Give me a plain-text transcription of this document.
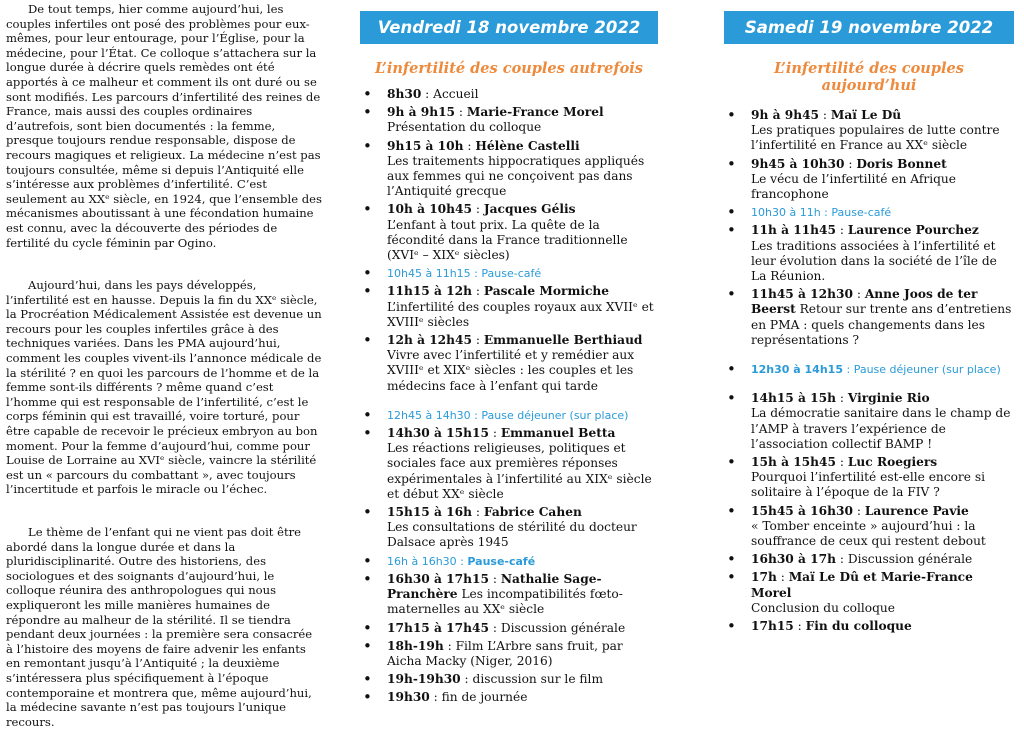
De tout temps, hier comme aujourd’hui, les couples infertiles ont posé des problèmes pour eux-mêmes, pour leur entourage, pour l’Église, pour la médecine, pour l’État. Ce colloque s’attachera sur la longue durée à décrire quels remèdes ont été apportés à ce malheur et comment ils ont duré ou se sont modifiés. Les parcours d’infertilité des reines de France, mais aussi des couples ordinaires d’autrefois, sont bien documentés : la femme, presque toujours rendue responsable, dispose de recours magiques et religieux. La médecine n’est pas toujours consultée, même si depuis l’Antiquité elle s’intéresse aux problèmes d’infertilité. C’est seulement au XXᵉ siècle, en 1924, que l’ensemble des mécanismes aboutissant à une fécondation humaine est connu, avec la découverte des périodes de fertilité du cycle féminin par Ogino.

Aujourd’hui, dans les pays développés, l’infertilité est en hausse. Depuis la fin du XXᵉ siècle, la Procréation Médicalement Assistée est devenue un recours pour les couples infertiles grâce à des techniques variées. Dans les PMA aujourd’hui, comment les couples vivent-ils l’annonce médicale de la stérilité ? en quoi les parcours de l’homme et de la femme sont-ils différents ? même quand c’est l’homme qui est responsable de l’infertilité, c’est le corps féminin qui est travaillé, voire torturé, pour être capable de recevoir le précieux embryon au bon moment. Pour la femme d’aujourd’hui, comme pour Louise de Lorraine au XVIᵉ siècle, vaincre la stérilité est un « parcours du combattant », avec toujours l’incertitude et parfois le miracle ou l’échec.

Le thème de l’enfant qui ne vient pas doit être abordé dans la longue durée et dans la pluridisciplinarité. Outre des historiens, des sociologues et des soignants d’aujourd’hui, le colloque réunira des anthropologues qui nous expliqueront les mille manières humaines de répondre au malheur de la stérilité. Il se tiendra pendant deux journées : la première sera consacrée à l’histoire des moyens de faire advenir les enfants en remontant jusqu’à l’Antiquité ; la deuxième s’intéressera plus spécifiquement à l’époque contemporaine et montrera que, même aujourd’hui, la médecine savante n’est pas toujours l’unique recours.

Vendredi 18 novembre 2022
L’infertilité des couples autrefois
• 8h30 : Accueil
• 9h à 9h15 : Marie-France Morel
Présentation du colloque
• 9h15 à 10h : Hélène Castelli
Les traitements hippocratiques appliqués aux femmes qui ne conçoivent pas dans l’Antiquité grecque
• 10h à 10h45 : Jacques Gélis
L’enfant à tout prix. La quête de la fécondité dans la France traditionnelle (XVIᵉ – XIXᵉ siècles)
• 10h45 à 11h15 : Pause-café
• 11h15 à 12h : Pascale Mormiche
L’infertilité des couples royaux aux XVIIᵉ et XVIIIᵉ siècles
• 12h à 12h45 : Emmanuelle Berthiaud
Vivre avec l’infertilité et y remédier aux XVIIIᵉ et XIXᵉ siècles : les couples et les médecins face à l’enfant qui tarde
• 12h45 à 14h30 : Pause déjeuner (sur place)
• 14h30 à 15h15 : Emmanuel Betta
Les réactions religieuses, politiques et sociales face aux premières réponses expérimentales à l’infertilité au XIXᵉ siècle et début XXᵉ siècle
• 15h15 à 16h : Fabrice Cahen
Les consultations de stérilité du docteur Dalsace après 1945
• 16h à 16h30 : Pause-café
• 16h30 à 17h15 : Nathalie Sage-Pranchère Les incompatibilités fœto-maternelles au XXᵉ siècle
• 17h15 à 17h45 : Discussion générale
• 18h-19h : Film L’Arbre sans fruit, par Aicha Macky (Niger, 2016)
• 19h-19h30 : discussion sur le film
• 19h30 : fin de journée
Samedi 19 novembre 2022
L’infertilité des couples aujourd’hui
• 9h à 9h45 : Maï Le Dû
Les pratiques populaires de lutte contre l’infertilité en France au XXᵉ siècle
• 9h45 à 10h30 : Doris Bonnet
Le vécu de l’infertilité en Afrique francophone
• 10h30 à 11h : Pause-café
• 11h à 11h45 : Laurence Pourchez
Les traditions associées à l’infertilité et leur évolution dans la société de l’île de La Réunion.
• 11h45 à 12h30 : Anne Joos de ter Beerst Retour sur trente ans d’entretiens en PMA : quels changements dans les représentations ?
• 12h30 à 14h15 : Pause déjeuner (sur place)
• 14h15 à 15h : Virginie Rio
La démocratie sanitaire dans le champ de l’AMP à travers l’expérience de l’association collectif BAMP !
• 15h à 15h45 : Luc Roegiers
Pourquoi l’infertilité est-elle encore si solitaire à l’époque de la FIV ?
• 15h45 à 16h30 : Laurence Pavie
« Tomber enceinte » aujourd’hui : la souffrance de ceux qui restent debout
• 16h30 à 17h : Discussion générale
• 17h : Maï Le Dû et Marie-France Morel
Conclusion du colloque
• 17h15 : Fin du colloque
